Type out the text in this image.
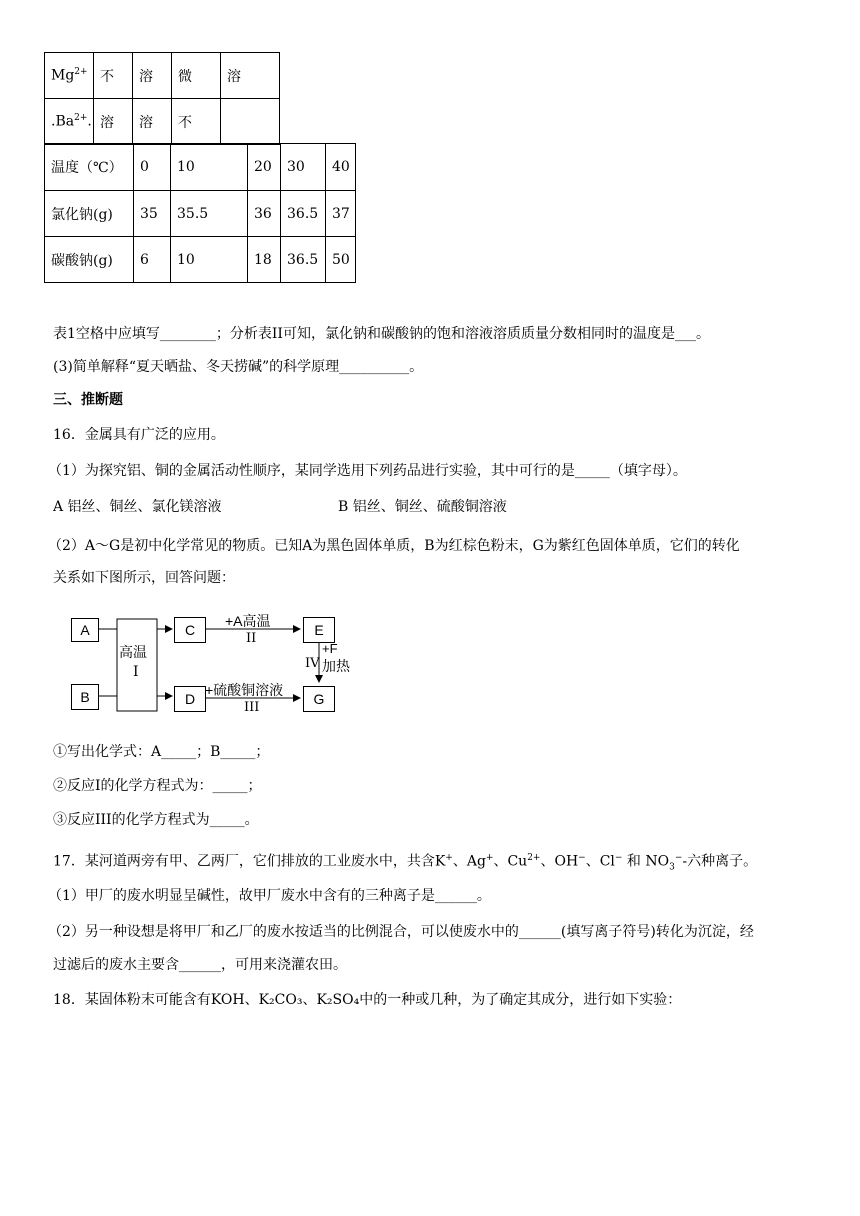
$Mg^{2+}$	不	溶	微	溶
$.Ba^{2+}$.	溶	溶	不	
温度（℃）	0	10	20	30	40
氯化钠(g)	35	35.5	36	36.5	37
碳酸钠(g)	6	10	18	36.5	50
表1空格中应填写________；分析表II可知，氯化钠和碳酸钠的饱和溶液溶质质量分数相同时的温度是___。
(3)简单解释“夏天晒盐、冬天捞碱”的科学原理__________。
三、推断题
16．金属具有广泛的应用。
（1）为探究铝、铜的金属活动性顺序，某同学选用下列药品进行实验，其中可行的是_____（填字母）。
A 铝丝、铜丝、氯化镁溶液	B 铝丝、铜丝、硫酸铜溶液
（2）A～G是初中化学常见的物质。已知A为黑色固体单质，B为红棕色粉末，G为紫红色固体单质，它们的转化
关系如下图所示，回答问题：
A
B
C
D
E
G
高温
I
+A高温
II
+硫酸铜溶液
III
+F
IV 加热
①写出化学式：A_____；B_____；
②反应I的化学方程式为：_____；
③反应III的化学方程式为_____。
17．某河道两旁有甲、乙两厂，它们排放的工业废水中，共含K+、Ag+、$Cu^{2+}$、OH−、Cl− 和 $NO_3^--$六种离子。
（1）甲厂的废水明显呈碱性，故甲厂废水中含有的三种离子是______。
（2）另一种设想是将甲厂和乙厂的废水按适当的比例混合，可以使废水中的______(填写离子符号)转化为沉淀，经
过滤后的废水主要含______，可用来浇灌农田。
18．某固体粉末可能含有KOH、K₂CO₃、K₂SO₄中的一种或几种，为了确定其成分，进行如下实验：
